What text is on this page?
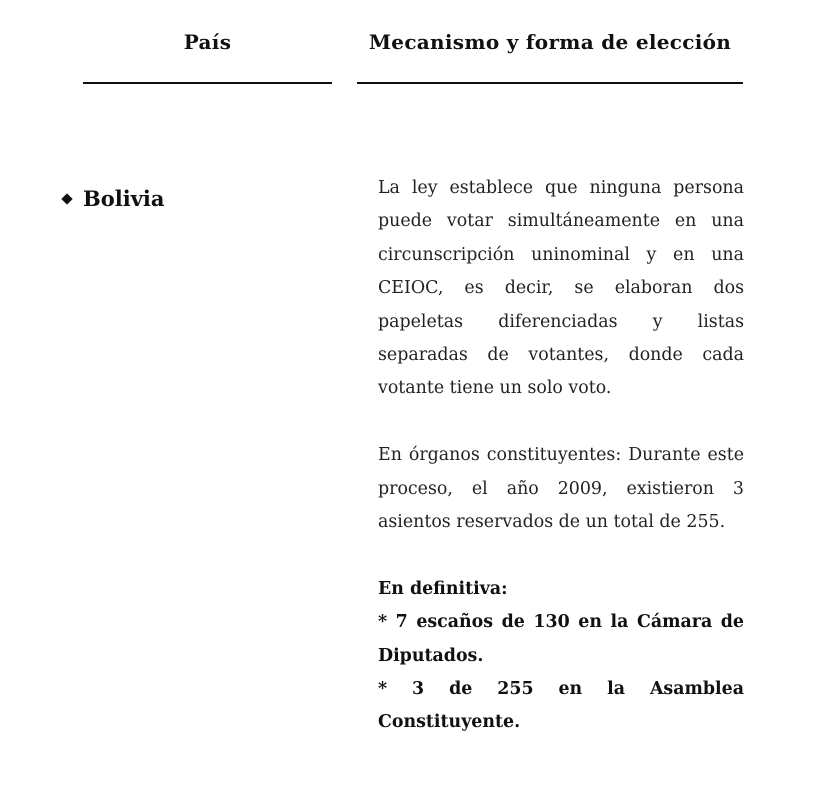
País	Mecanismo y forma de elección
Bolivia	La ley establece que ninguna persona puede votar simultáneamente en una circunscripción uninominal y en una CEIOC, es decir, se elaboran dos papeletas diferenciadas y listas separadas de votantes, donde cada votante tiene un solo voto.

En órganos constituyentes: Durante este proceso, el año 2009, existieron 3 asientos reservados de un total de 255.

En definitiva:

* 7 escaños de 130 en la Cámara de Diputados.

* 3 de 255 en la Asamblea Constituyente.
